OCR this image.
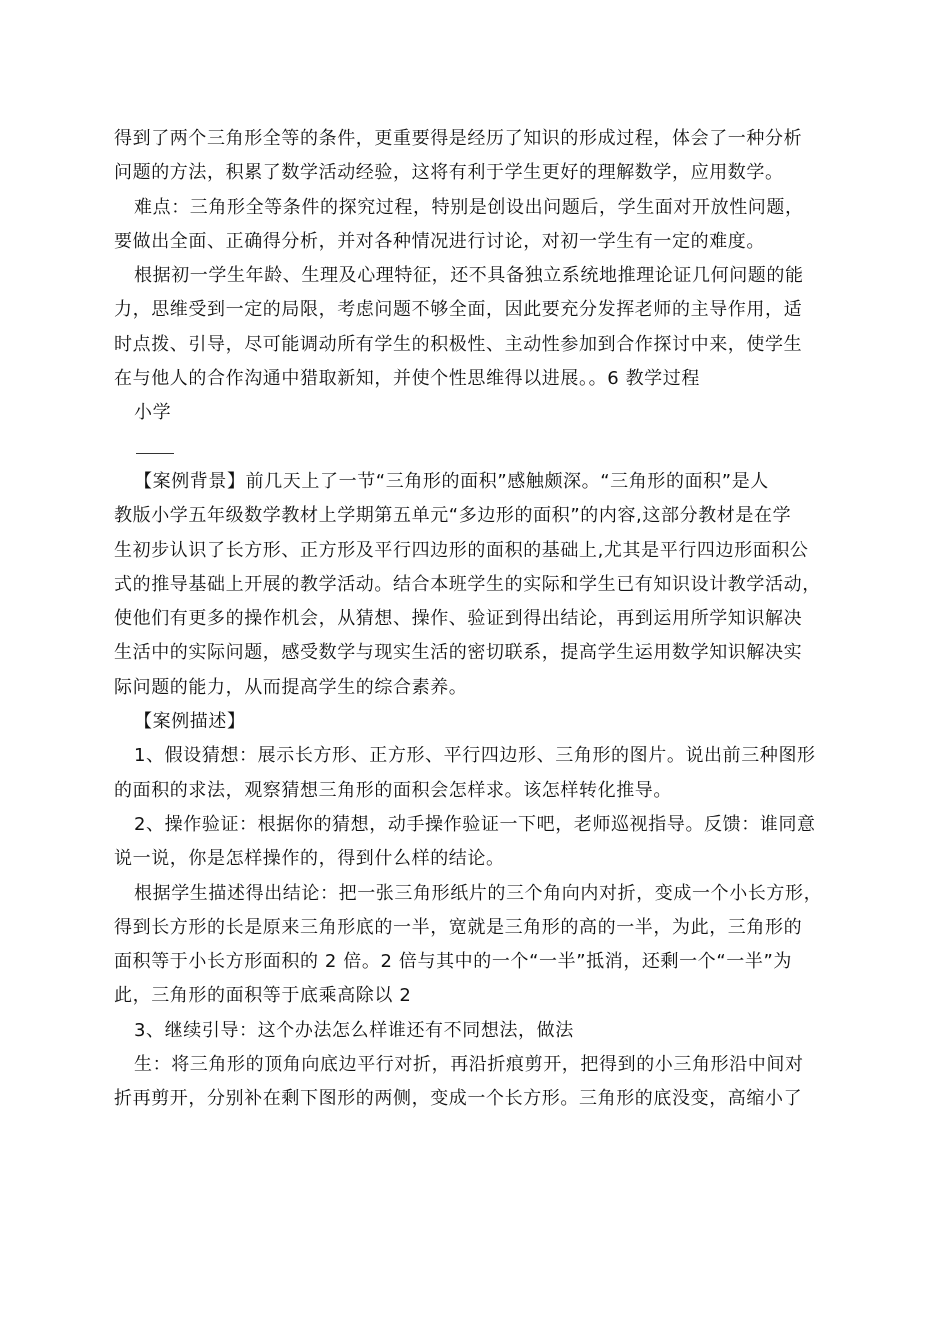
得到了两个三角形全等的条件，更重要得是经历了知识的形成过程，体会了一种分析
问题的方法，积累了数学活动经验，这将有利于学生更好的理解数学，应用数学。
难点：三角形全等条件的探究过程，特别是创设出问题后，学生面对开放性问题，
要做出全面、正确得分析，并对各种情况进行讨论，对初一学生有一定的难度。
根据初一学生年龄、生理及心理特征，还不具备独立系统地推理论证几何问题的能
力，思维受到一定的局限，考虑问题不够全面，因此要充分发挥老师的主导作用，适
时点拨、引导，尽可能调动所有学生的积极性、主动性参加到合作探讨中来，使学生
在与他人的合作沟通中猎取新知，并使个性思维得以进展。。6 教学过程
小学
【案例背景】前几天上了一节“三角形的面积”感触颇深。“三角形的面积”是人
教版小学五年级数学教材上学期第五单元“多边形的面积”的内容,这部分教材是在学
生初步认识了长方形、正方形及平行四边形的面积的基础上,尤其是平行四边形面积公
式的推导基础上开展的教学活动。结合本班学生的实际和学生已有知识设计教学活动，
使他们有更多的操作机会，从猜想、操作、验证到得出结论，再到运用所学知识解决
生活中的实际问题，感受数学与现实生活的密切联系，提高学生运用数学知识解决实
际问题的能力，从而提高学生的综合素养。
【案例描述】
1、假设猜想：展示长方形、正方形、平行四边形、三角形的图片。说出前三种图形
的面积的求法，观察猜想三角形的面积会怎样求。该怎样转化推导。
2、操作验证：根据你的猜想，动手操作验证一下吧，老师巡视指导。反馈：谁同意
说一说，你是怎样操作的，得到什么样的结论。
根据学生描述得出结论：把一张三角形纸片的三个角向内对折，变成一个小长方形，
得到长方形的长是原来三角形底的一半，宽就是三角形的高的一半，为此，三角形的
面积等于小长方形面积的 2 倍。2 倍与其中的一个“一半”抵消，还剩一个“一半”为
此，三角形的面积等于底乘高除以 2
3、继续引导：这个办法怎么样谁还有不同想法，做法
生：将三角形的顶角向底边平行对折，再沿折痕剪开，把得到的小三角形沿中间对
折再剪开，分别补在剩下图形的两侧，变成一个长方形。三角形的底没变，高缩小了
